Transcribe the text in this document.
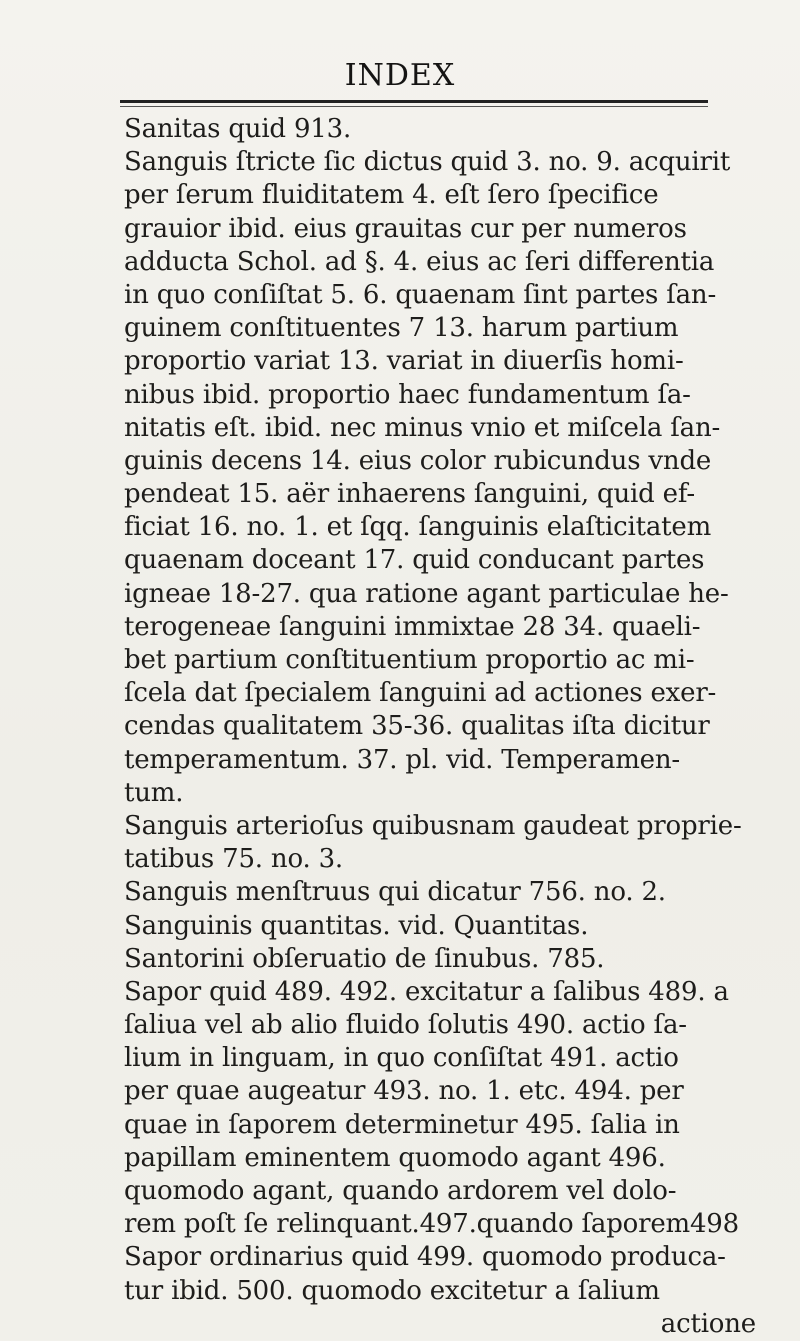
INDEX
Sanitas quid 913.
Sanguis ſtricte ſic dictus quid 3. no. 9. acquirit
per ſerum fluiditatem 4. eſt ſero ſpecifice
grauior ibid. eius grauitas cur per numeros
adducta Schol. ad §. 4. eius ac ſeri differentia
in quo conſiſtat 5. 6. quaenam ſint partes ſan-
guinem conſtituentes 7 13. harum partium
proportio variat 13. variat in diuerſis homi-
nibus ibid. proportio haec fundamentum ſa-
nitatis eſt. ibid. nec minus vnio et miſcela ſan-
guinis decens 14. eius color rubicundus vnde
pendeat 15. aër inhaerens ſanguini, quid ef-
ficiat 16. no. 1. et ſqq. ſanguinis elaſticitatem
quaenam doceant 17. quid conducant partes
igneae 18-27. qua ratione agant particulae he-
terogeneae ſanguini immixtae 28 34. quaeli-
bet partium conſtituentium proportio ac mi-
ſcela dat ſpecialem ſanguini ad actiones exer-
cendas qualitatem 35-36. qualitas iſta dicitur
temperamentum. 37. pl. vid. Temperamen-
tum.
Sanguis arterioſus quibusnam gaudeat proprie-
tatibus 75. no. 3.
Sanguis menſtruus qui dicatur 756. no. 2.
Sanguinis quantitas. vid. Quantitas.
Santorini obſeruatio de ſinubus. 785.
Sapor quid 489. 492. excitatur a ſalibus 489. a
ſaliua vel ab alio fluido ſolutis 490. actio ſa-
lium in linguam, in quo conſiſtat 491. actio
per quae augeatur 493. no. 1. etc. 494. per
quae in ſaporem determinetur 495. ſalia in
papillam eminentem quomodo agant 496.
quomodo agant, quando ardorem vel dolo-
rem poſt ſe relinquant.497.quando ſaporem498
Sapor ordinarius quid 499. quomodo produca-
tur ibid. 500. quomodo excitetur a ſalium
actione
